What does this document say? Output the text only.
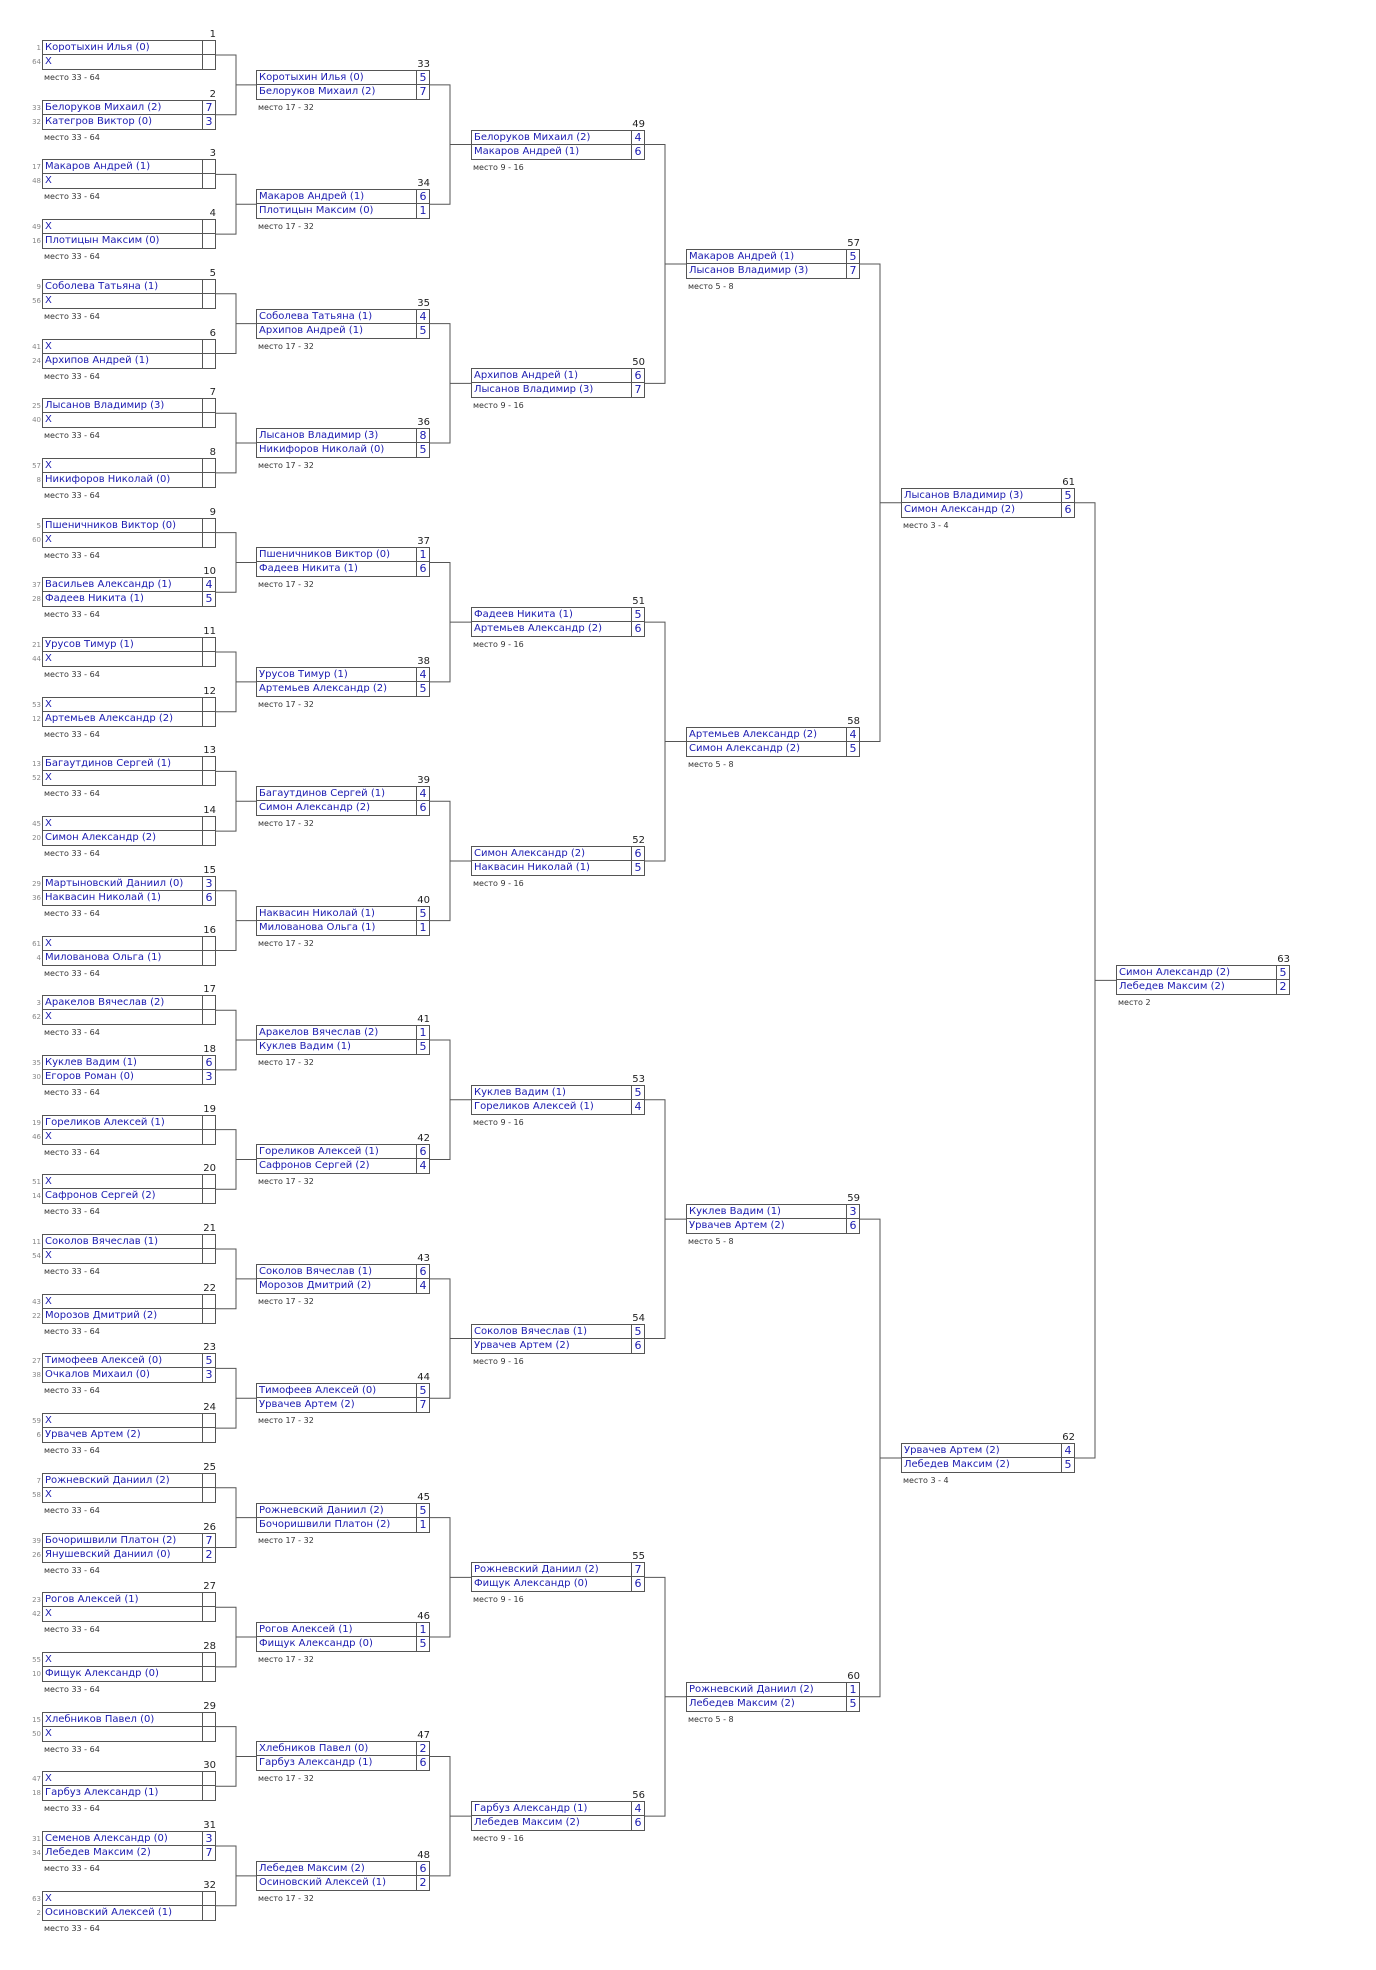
1
1 Коротыхин Илья (0)
64 X
место 33 - 64
2
33 Белоруков Михаил (2)	7
32 Категров Виктор (0)	3
место 33 - 64
3
17 Макаров Андрей (1)
48 X
место 33 - 64
4
49 X
16 Плотицын Максим (0)
место 33 - 64
5
9 Соболева Татьяна (1)
56 X
место 33 - 64
6
41 X
24 Архипов Андрей (1)
место 33 - 64
7
25 Лысанов Владимир (3)
40 X
место 33 - 64
8
57 X
8 Никифоров Николай (0)
место 33 - 64
9
5 Пшеничников Виктор (0)
60 X
место 33 - 64
10
37 Васильев Александр (1)	4
28 Фадеев Никита (1)	5
место 33 - 64
11
21 Урусов Тимур (1)
44 X
место 33 - 64
12
53 X
12 Артемьев Александр (2)
место 33 - 64
13
13 Багаутдинов Сергей (1)
52 X
место 33 - 64
14
45 X
20 Симон Александр (2)
место 33 - 64
15
29 Мартыновский Даниил (0)	3
36 Наквасин Николай (1)	6
место 33 - 64
16
61 X
4 Милованова Ольга (1)
место 33 - 64
17
3 Аракелов Вячеслав (2)
62 X
место 33 - 64
18
35 Куклев Вадим (1)	6
30 Егоров Роман (0)	3
место 33 - 64
19
19 Гореликов Алексей (1)
46 X
место 33 - 64
20
51 X
14 Сафронов Сергей (2)
место 33 - 64
21
11 Соколов Вячеслав (1)
54 X
место 33 - 64
22
43 X
22 Морозов Дмитрий (2)
место 33 - 64
23
27 Тимофеев Алексей (0)	5
38 Очкалов Михаил (0)	3
место 33 - 64
24
59 X
6 Урвачев Артем (2)
место 33 - 64
25
7 Рожневский Даниил (2)
58 X
место 33 - 64
26
39 Бочоришвили Платон (2)	7
26 Янушевский Даниил (0)	2
место 33 - 64
27
23 Рогов Алексей (1)
42 X
место 33 - 64
28
55 X
10 Фищук Александр (0)
место 33 - 64
29
15 Хлебников Павел (0)
50 X
место 33 - 64
30
47 X
18 Гарбуз Александр (1)
место 33 - 64
31
31 Семенов Александр (0)	3
34 Лебедев Максим (2)	7
место 33 - 64
32
63 X
2 Осиновский Алексей (1)
место 33 - 64
33
Коротыхин Илья (0)	5
Белоруков Михаил (2)	7
место 17 - 32
34
Макаров Андрей (1)	6
Плотицын Максим (0)	1
место 17 - 32
35
Соболева Татьяна (1)	4
Архипов Андрей (1)	5
место 17 - 32
36
Лысанов Владимир (3)	8
Никифоров Николай (0)	5
место 17 - 32
37
Пшеничников Виктор (0)	1
Фадеев Никита (1)	6
место 17 - 32
38
Урусов Тимур (1)	4
Артемьев Александр (2)	5
место 17 - 32
39
Багаутдинов Сергей (1)	4
Симон Александр (2)	6
место 17 - 32
40
Наквасин Николай (1)	5
Милованова Ольга (1)	1
место 17 - 32
41
Аракелов Вячеслав (2)	1
Куклев Вадим (1)	5
место 17 - 32
42
Гореликов Алексей (1)	6
Сафронов Сергей (2)	4
место 17 - 32
43
Соколов Вячеслав (1)	6
Морозов Дмитрий (2)	4
место 17 - 32
44
Тимофеев Алексей (0)	5
Урвачев Артем (2)	7
место 17 - 32
45
Рожневский Даниил (2)	5
Бочоришвили Платон (2)	1
место 17 - 32
46
Рогов Алексей (1)	1
Фищук Александр (0)	5
место 17 - 32
47
Хлебников Павел (0)	2
Гарбуз Александр (1)	6
место 17 - 32
48
Лебедев Максим (2)	6
Осиновский Алексей (1)	2
место 17 - 32
49
Белоруков Михаил (2)	4
Макаров Андрей (1)	6
место 9 - 16
50
Архипов Андрей (1)	6
Лысанов Владимир (3)	7
место 9 - 16
51
Фадеев Никита (1)	5
Артемьев Александр (2)	6
место 9 - 16
52
Симон Александр (2)	6
Наквасин Николай (1)	5
место 9 - 16
53
Куклев Вадим (1)	5
Гореликов Алексей (1)	4
место 9 - 16
54
Соколов Вячеслав (1)	5
Урвачев Артем (2)	6
место 9 - 16
55
Рожневский Даниил (2)	7
Фищук Александр (0)	6
место 9 - 16
56
Гарбуз Александр (1)	4
Лебедев Максим (2)	6
место 9 - 16
57
Макаров Андрей (1)	5
Лысанов Владимир (3)	7
место 5 - 8
58
Артемьев Александр (2)	4
Симон Александр (2)	5
место 5 - 8
59
Куклев Вадим (1)	3
Урвачев Артем (2)	6
место 5 - 8
60
Рожневский Даниил (2)	1
Лебедев Максим (2)	5
место 5 - 8
61
Лысанов Владимир (3)	5
Симон Александр (2)	6
место 3 - 4
62
Урвачев Артем (2)	4
Лебедев Максим (2)	5
место 3 - 4
63
Симон Александр (2)	5
Лебедев Максим (2)	2
место 2
